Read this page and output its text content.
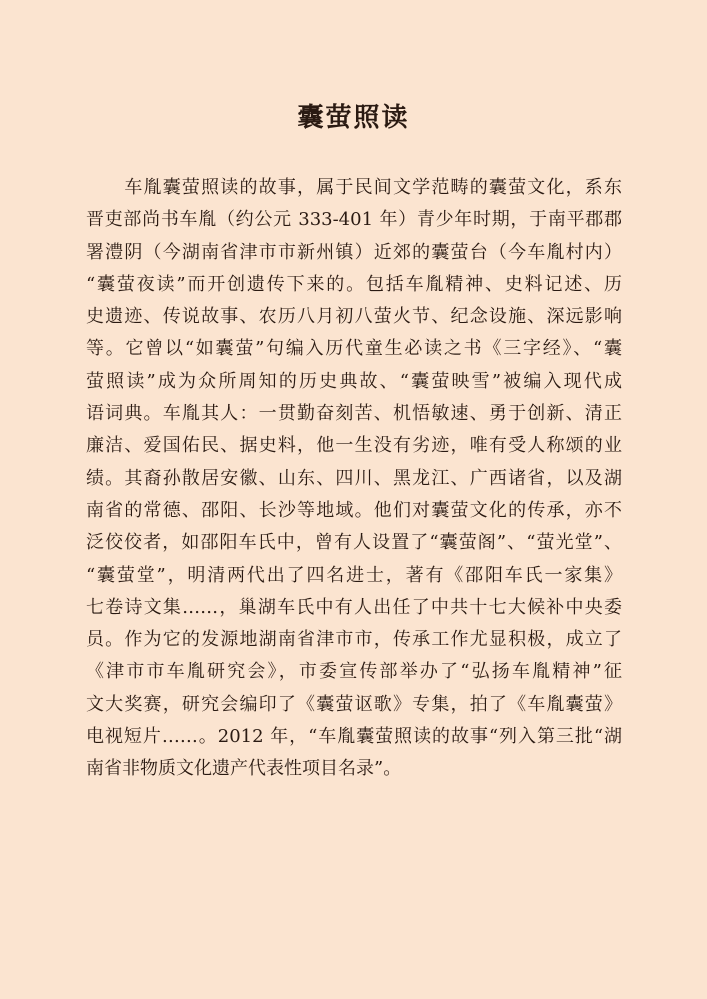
囊萤照读
　　车胤囊萤照读的故事，属于民间文学范畴的囊萤文化，系东
晋吏部尚书车胤（约公元 333-401 年）青少年时期，于南平郡郡
署澧阴（今湖南省津市市新州镇）近郊的囊萤台（今车胤村内）
“囊萤夜读”而开创遗传下来的。包括车胤精神、史料记述、历
史遗迹、传说故事、农历八月初八萤火节、纪念设施、深远影响
等。它曾以“如囊萤”句编入历代童生必读之书《三字经》、“囊
萤照读”成为众所周知的历史典故、“囊萤映雪”被编入现代成
语词典。车胤其人：一贯勤奋刻苦、机悟敏速、勇于创新、清正
廉洁、爱国佑民、据史料，他一生没有劣迹，唯有受人称颂的业
绩。其裔孙散居安徽、山东、四川、黑龙江、广西诸省，以及湖
南省的常德、邵阳、长沙等地域。他们对囊萤文化的传承，亦不
泛佼佼者，如邵阳车氏中，曾有人设置了“囊萤阁”、“萤光堂”、
“囊萤堂”，明清两代出了四名进士，著有《邵阳车氏一家集》
七卷诗文集……，巢湖车氏中有人出任了中共十七大候补中央委
员。作为它的发源地湖南省津市市，传承工作尤显积极，成立了
《津市市车胤研究会》，市委宣传部举办了“弘扬车胤精神”征
文大奖赛，研究会编印了《囊萤讴歌》专集，拍了《车胤囊萤》
电视短片……。2012 年，“车胤囊萤照读的故事“列入第三批“湖
南省非物质文化遗产代表性项目名录”。
